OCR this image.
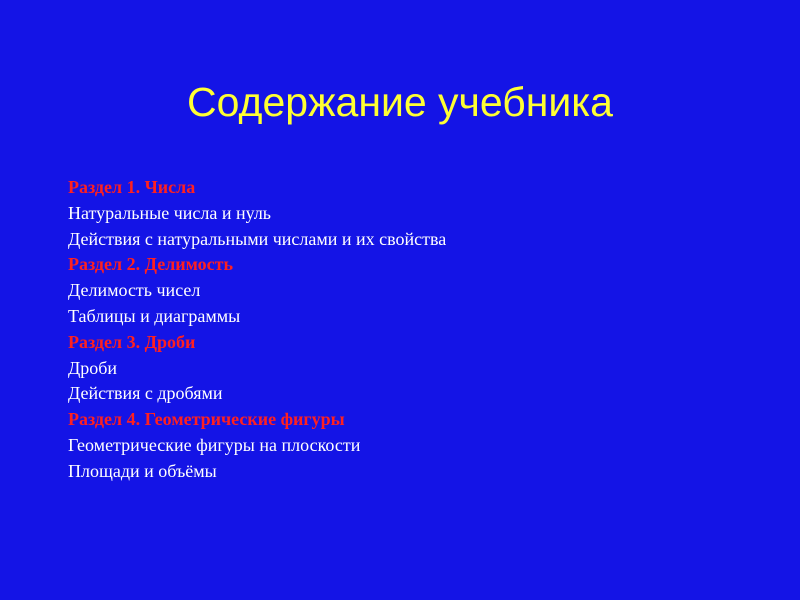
Содержание учебника
Раздел 1. Числа
Натуральные числа и нуль
Действия с натуральными числами и их свойства
Раздел 2. Делимость
Делимость чисел
Таблицы и диаграммы
Раздел 3. Дроби
Дроби
Действия с дробями
Раздел 4. Геометрические фигуры
Геометрические фигуры на плоскости
Площади и объёмы
